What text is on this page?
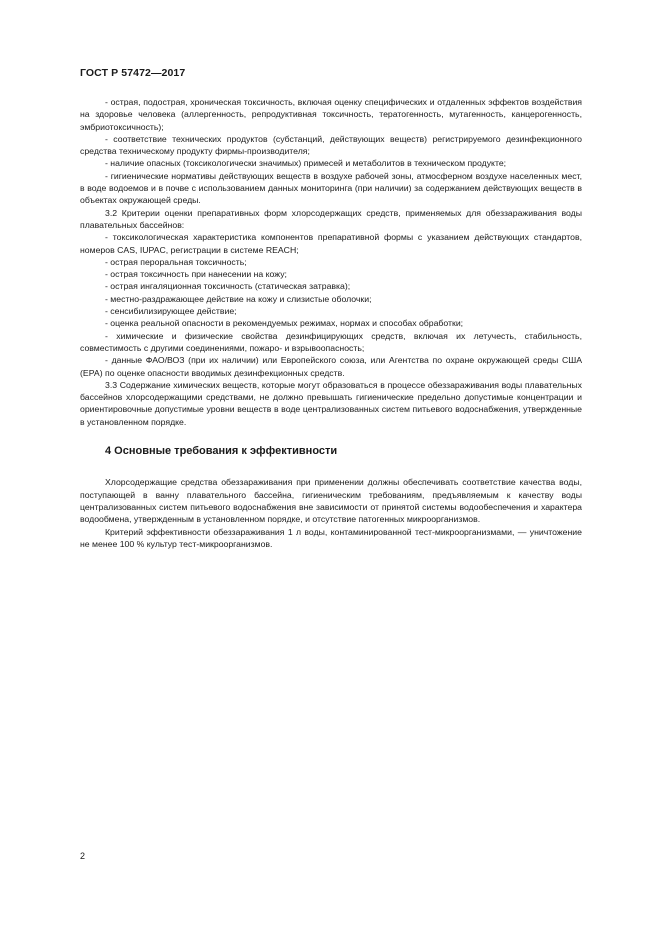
ГОСТ Р 57472—2017

- острая, подострая, хроническая токсичность, включая оценку специфических и отдаленных эффектов воздействия на здоровье человека (аллергенность, репродуктивная токсичность, тератогенность, мутагенность, канцерогенность, эмбриотоксичность);

- соответствие технических продуктов (субстанций, действующих веществ) регистрируемого дезинфекционного средства техническому продукту фирмы-производителя;

- наличие опасных (токсикологически значимых) примесей и метаболитов в техническом продукте;

- гигиенические нормативы действующих веществ в воздухе рабочей зоны, атмосферном воздухе населенных мест, в воде водоемов и в почве с использованием данных мониторинга (при наличии) за содержанием действующих веществ в объектах окружающей среды.

3.2 Критерии оценки препаративных форм хлорсодержащих средств, применяемых для обеззараживания воды плавательных бассейнов:

- токсикологическая характеристика компонентов препаративной формы с указанием действующих стандартов, номеров CAS, IUPAC, регистрации в системе REACH;

- острая пероральная токсичность;

- острая токсичность при нанесении на кожу;

- острая ингаляционная токсичность (статическая затравка);

- местно-раздражающее действие на кожу и слизистые оболочки;

- сенсибилизирующее действие;

- оценка реальной опасности в рекомендуемых режимах, нормах и способах обработки;

- химические и физические свойства дезинфицирующих средств, включая их летучесть, стабильность, совместимость с другими соединениями, пожаро- и взрывоопасность;

- данные ФАО/ВОЗ (при их наличии) или Европейского союза, или Агентства по охране окружающей среды США (ЕРА) по оценке опасности вводимых дезинфекционных средств.

3.3 Содержание химических веществ, которые могут образоваться в процессе обеззараживания воды плавательных бассейнов хлорсодержащими средствами, не должно превышать гигиенические предельно допустимые концентрации и ориентировочные допустимые уровни веществ в воде централизованных систем питьевого водоснабжения, утвержденные в установленном порядке.

4 Основные требования к эффективности

Хлорсодержащие средства обеззараживания при применении должны обеспечивать соответствие качества воды, поступающей в ванну плавательного бассейна, гигиеническим требованиям, предъявляемым к качеству воды централизованных систем питьевого водоснабжения вне зависимости от принятой системы водообеспечения и характера водообмена, утвержденным в установленном порядке, и отсутствие патогенных микроорганизмов.

Критерий эффективности обеззараживания 1 л воды, контаминированной тест-микроорганизмами, — уничтожение не менее 100 % культур тест-микроорганизмов.

2
